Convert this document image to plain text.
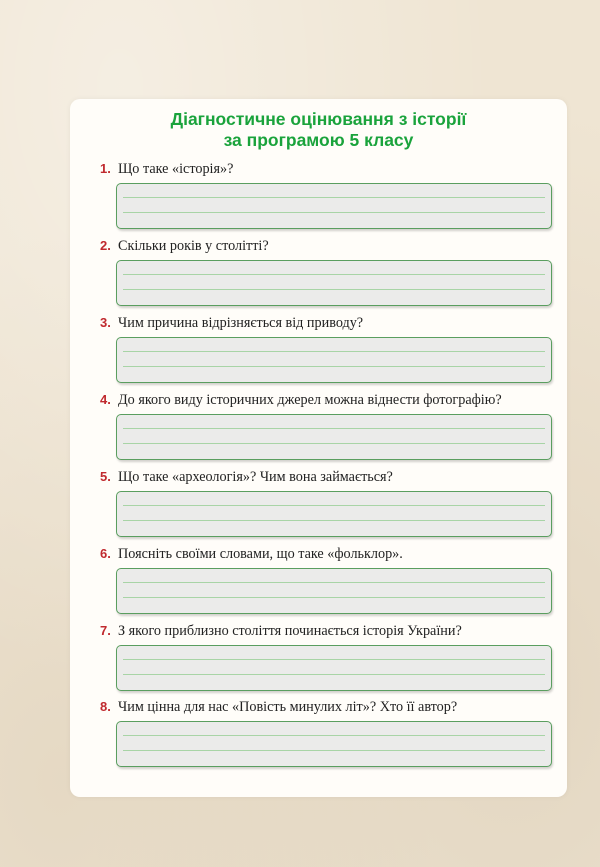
Діагностичне оцінювання з історії
за програмою 5 класу
1. Що таке «історія»?
2. Скільки років у столітті?
3. Чим причина відрізняється від приводу?
4. До якого виду історичних джерел можна віднести фотографію?
5. Що таке «археологія»? Чим вона займається?
6. Поясніть своїми словами, що таке «фольклор».
7. З якого приблизно століття починається історія України?
8. Чим цінна для нас «Повість минулих літ»? Хто її автор?
